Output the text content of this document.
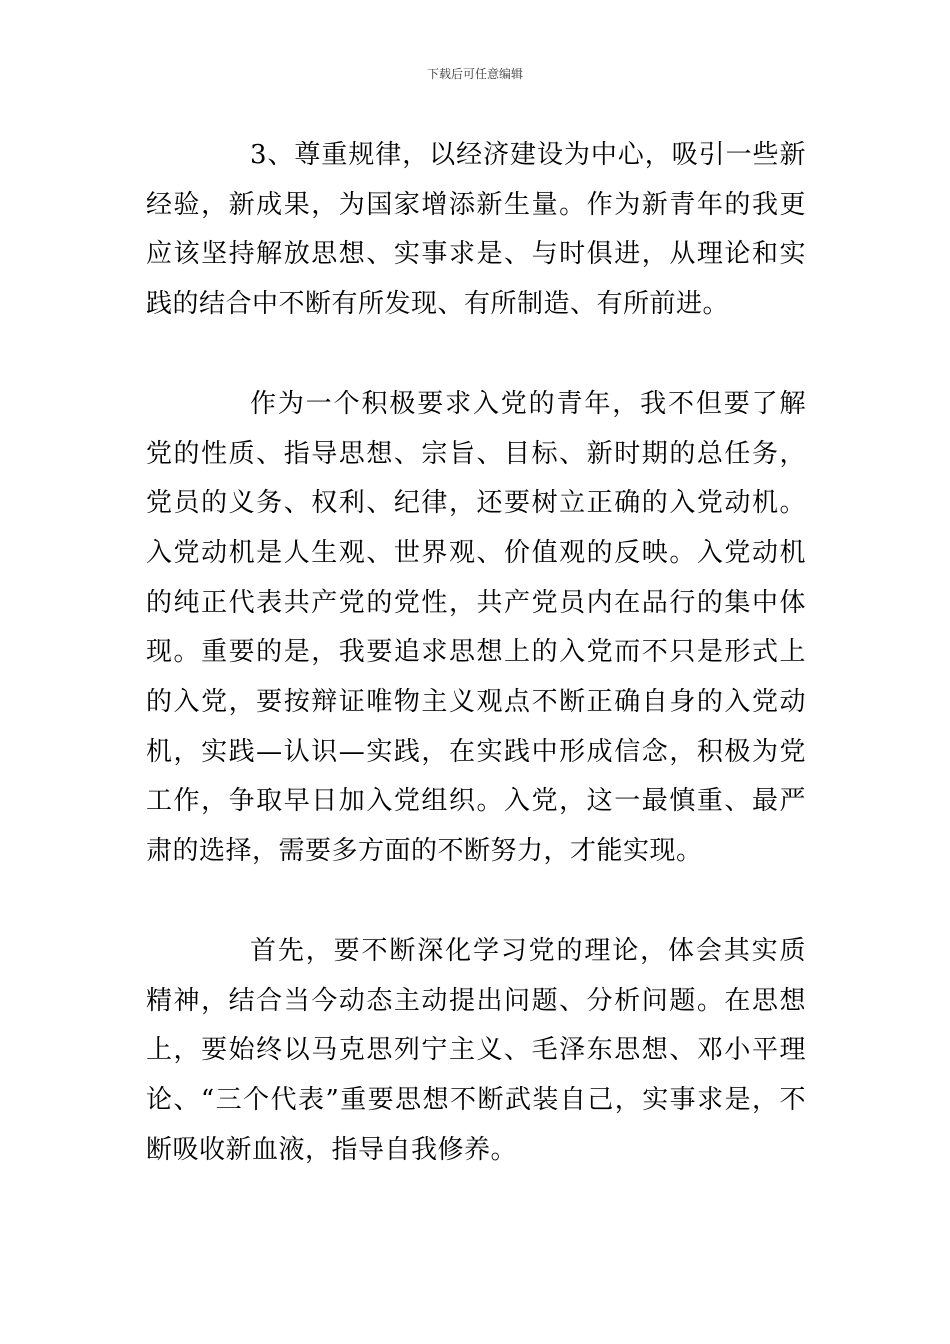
下载后可任意编辑

3、尊重规律，以经济建设为中心，吸引一些新经验，新成果，为国家增添新生量。作为新青年的我更应该坚持解放思想、实事求是、与时俱进，从理论和实践的结合中不断有所发现、有所制造、有所前进。

作为一个积极要求入党的青年，我不但要了解党的性质、指导思想、宗旨、目标、新时期的总任务，党员的义务、权利、纪律，还要树立正确的入党动机。入党动机是人生观、世界观、价值观的反映。入党动机的纯正代表共产党的党性，共产党员内在品行的集中体现。重要的是，我要追求思想上的入党而不只是形式上的入党，要按辩证唯物主义观点不断正确自身的入党动机，实践—认识—实践，在实践中形成信念，积极为党工作，争取早日加入党组织。入党，这一最慎重、最严肃的选择，需要多方面的不断努力，才能实现。

首先，要不断深化学习党的理论，体会其实质精神，结合当今动态主动提出问题、分析问题。在思想上，要始终以马克思列宁主义、毛泽东思想、邓小平理论、“三个代表”重要思想不断武装自己，实事求是，不断吸收新血液，指导自我修养。
